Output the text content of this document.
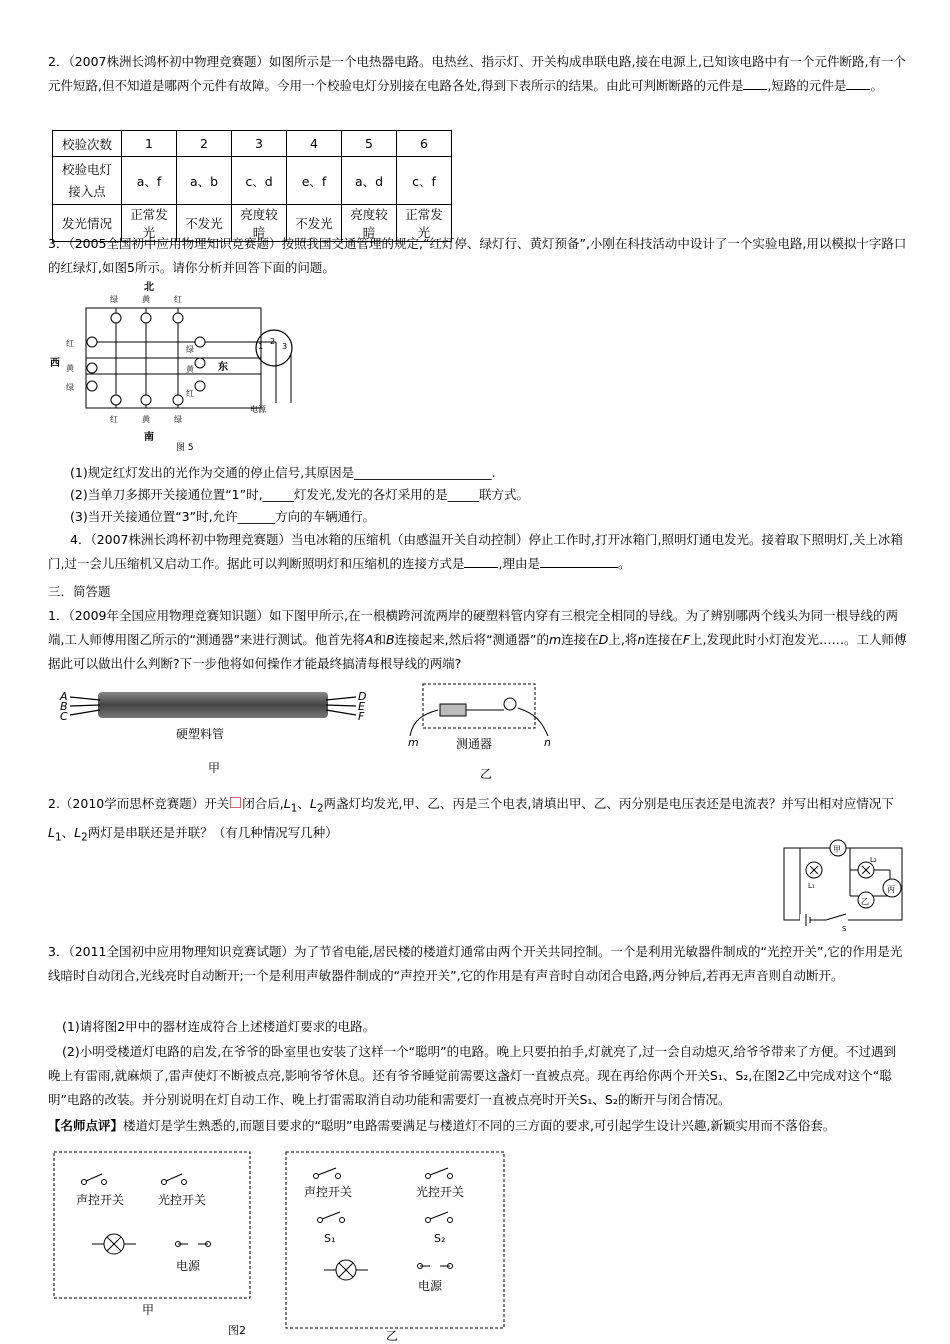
2．（2007株洲长鸿杯初中物理竞赛题）如图所示是一个电热器电路。电热丝、指示灯、开关构成串联电路,接在电源上,已知该电路中有一个元件断路,有一个元件短路,但不知道是哪两个元件有故障。今用一个校验电灯分别接在电路各处,得到下表所示的结果。由此可判断断路的元件是 ,短路的元件是 。
校验次数	1	2	3	4	5	6
校验电灯
接入点	a、f	a、b	c、d	e、f	a、d	c、f
发光情况	正常发光	不发光	亮度较暗	不发光	亮度较暗	正常发光
3．（2005全国初中应用物理知识竞赛题）按照我国交通管理的规定,“红灯停、绿灯行、黄灯预备”,小刚在科技活动中设计了一个实验电路,用以模拟十字路口的红绿灯,如图5所示。请你分析并回答下面的问题。
北
南
西	东
绿	黄	红
红	黄	绿
红
黄
绿
绿
黄
红
1
2
3
电源
图 5
(1)规定红灯发出的光作为交通的停止信号,其原因是______________________.
(2)当单刀多掷开关接通位置“1”时,_____灯发光,发光的各灯采用的是_____联方式。
(3)当开关接通位置“3”时,允许______方向的车辆通行。
4．（2007株洲长鸿杯初中物理竞赛题）当电冰箱的压缩机（由感温开关自动控制）停止工作时,打开冰箱门,照明灯通电发光。接着取下照明灯,关上冰箱门,过一会儿压缩机又启动工作。据此可以判断照明灯和压缩机的连接方式是	,理由是	。
三．简答题
1．（2009年全国应用物理竞赛知识题）如下图甲所示,在一根横跨河流两岸的硬塑料管内穿有三根完全相同的导线。为了辨别哪两个线头为同一根导线的两端,工人师傅用图乙所示的“测通器”来进行测试。他首先将A和B连接起来,然后将“测通器”的m连接在D上,将n连接在F上,发现此时小灯泡发光……。工人师傅据此可以做出什么判断?下一步他将如何操作才能最终搞清每根导线的两端?
A
B
C
D
E
F
硬塑料管
甲
m	n
测通器
乙
2.（2010学而思杯竞赛题）开关 闭合后$,L_1$、$L_2$两盏灯均发光,甲、乙、丙是三个电表,请填出甲、乙、丙分别是电压表还是电流表？并写出相对应情况下$L_1$、$L_2$两灯是串联还是并联？（有几种情况写几种）
甲
乙
丙
L₁
L₂
S
3．（2011全国初中应用物理知识竞赛试题）为了节省电能,居民楼的楼道灯通常由两个开关共同控制。一个是利用光敏器件制成的“光控开关”,它的作用是光线暗时自动闭合,光线亮时自动断开;一个是利用声敏器件制成的“声控开关”,它的作用是有声音时自动闭合电路,两分钟后,若再无声音则自动断开。
(1)请将图2甲中的器材连成符合上述楼道灯要求的电路。
(2)小明受楼道灯电路的启发,在爷爷的卧室里也安装了这样一个“聪明”的电路。晚上只要拍拍手,灯就亮了,过一会自动熄灭,给爷爷带来了方便。不过遇到晚上有雷雨,就麻烦了,雷声使灯不断被点亮,影响爷爷休息。还有爷爷睡觉前需要这盏灯一直被点亮。现在再给你两个开关S₁、S₂,在图2乙中完成对这个“聪明”电路的改装。并分别说明在灯自动工作、晚上打雷需取消自动功能和需要灯一直被点亮时开关S₁、S₂的断开与闭合情况。
【名师点评】楼道灯是学生熟悉的,而题目要求的“聪明”电路需要满足与楼道灯不同的三方面的要求,可引起学生设计兴趣,新颖实用而不落俗套。
声控开关	光控开关
电源
声控开关	光控开关
S₁	S₂
电源
甲
乙
图2
